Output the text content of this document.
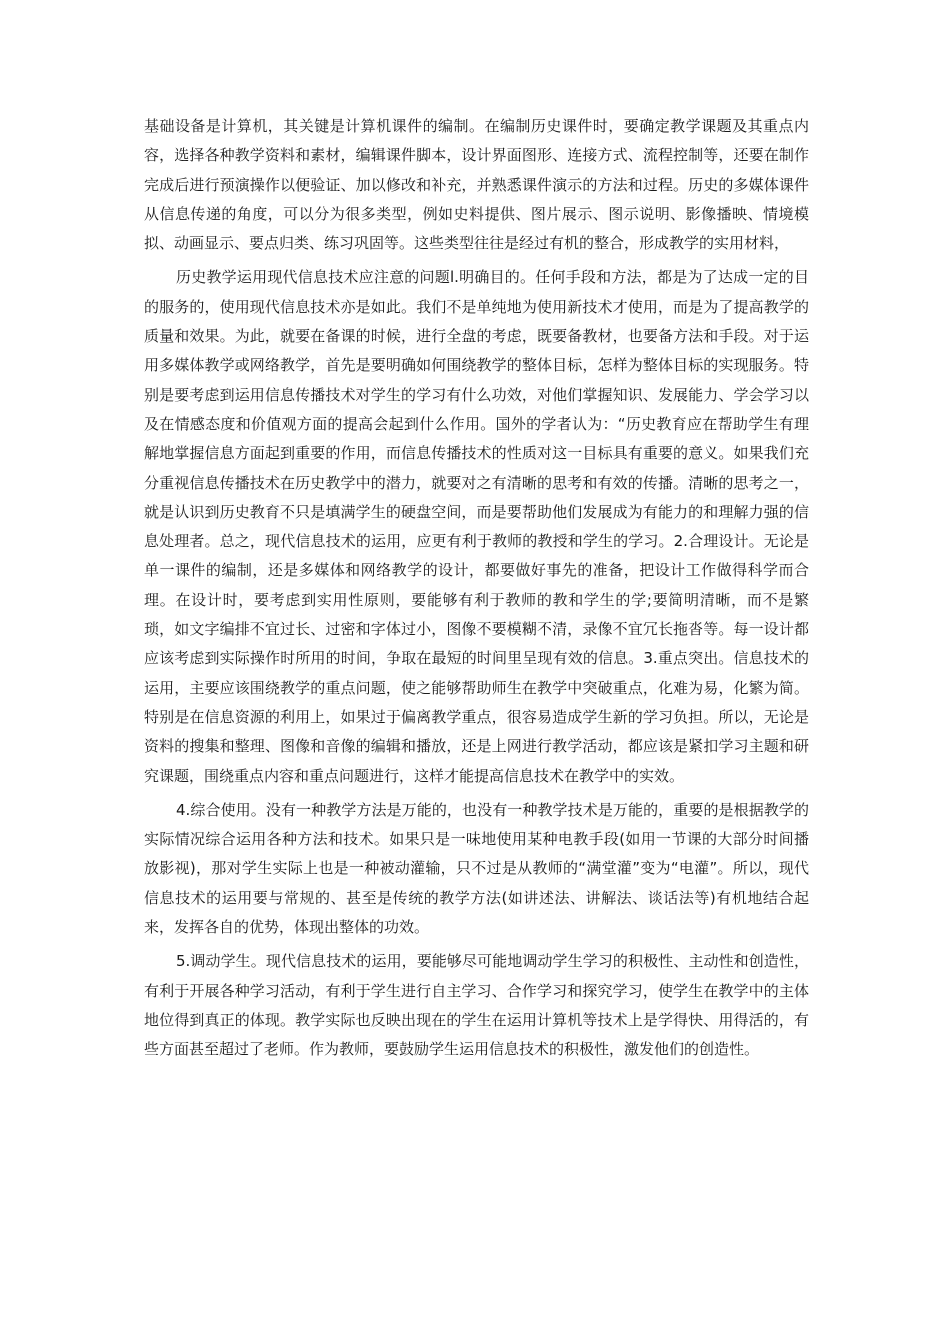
基础设备是计算机，其关键是计算机课件的编制。在编制历史课件时，要确定教学课题及其重点内容，选择各种教学资料和素材，编辑课件脚本，设计界面图形、连接方式、流程控制等，还要在制作完成后进行预演操作以便验证、加以修改和补充，并熟悉课件演示的方法和过程。历史的多媒体课件从信息传递的角度，可以分为很多类型，例如史料提供、图片展示、图示说明、影像播映、情境模拟、动画显示、要点归类、练习巩固等。这些类型往往是经过有机的整合，形成教学的实用材料，

历史教学运用现代信息技术应注意的问题l.明确目的。任何手段和方法，都是为了达成一定的目的服务的，使用现代信息技术亦是如此。我们不是单纯地为使用新技术才使用，而是为了提高教学的质量和效果。为此，就要在备课的时候，进行全盘的考虑，既要备教材，也要备方法和手段。对于运用多媒体教学或网络教学，首先是要明确如何围绕教学的整体目标，怎样为整体目标的实现服务。特别是要考虑到运用信息传播技术对学生的学习有什么功效，对他们掌握知识、发展能力、学会学习以及在情感态度和价值观方面的提高会起到什么作用。国外的学者认为：“历史教育应在帮助学生有理解地掌握信息方面起到重要的作用，而信息传播技术的性质对这一目标具有重要的意义。如果我们充分重视信息传播技术在历史教学中的潜力，就要对之有清晰的思考和有效的传播。清晰的思考之一，就是认识到历史教育不只是填满学生的硬盘空间，而是要帮助他们发展成为有能力的和理解力强的信息处理者。总之，现代信息技术的运用，应更有利于教师的教授和学生的学习。2.合理设计。无论是单一课件的编制，还是多媒体和网络教学的设计，都要做好事先的准备，把设计工作做得科学而合理。在设计时，要考虑到实用性原则，要能够有利于教师的教和学生的学;要简明清晰，而不是繁琐，如文字编排不宜过长、过密和字体过小，图像不要模糊不清，录像不宜冗长拖沓等。每一设计都应该考虑到实际操作时所用的时间，争取在最短的时间里呈现有效的信息。3.重点突出。信息技术的运用，主要应该围绕教学的重点问题，使之能够帮助师生在教学中突破重点，化难为易，化繁为简。特别是在信息资源的利用上，如果过于偏离教学重点，很容易造成学生新的学习负担。所以，无论是资料的搜集和整理、图像和音像的编辑和播放，还是上网进行教学活动，都应该是紧扣学习主题和研究课题，围绕重点内容和重点问题进行，这样才能提高信息技术在教学中的实效。

4.综合使用。没有一种教学方法是万能的，也没有一种教学技术是万能的，重要的是根据教学的实际情况综合运用各种方法和技术。如果只是一味地使用某种电教手段(如用一节课的大部分时间播放影视)，那对学生实际上也是一种被动灌输，只不过是从教师的“满堂灌”变为“电灌”。所以，现代信息技术的运用要与常规的、甚至是传统的教学方法(如讲述法、讲解法、谈话法等)有机地结合起来，发挥各自的优势，体现出整体的功效。

5.调动学生。现代信息技术的运用，要能够尽可能地调动学生学习的积极性、主动性和创造性，有利于开展各种学习活动，有利于学生进行自主学习、合作学习和探究学习，使学生在教学中的主体地位得到真正的体现。教学实际也反映出现在的学生在运用计算机等技术上是学得快、用得活的，有些方面甚至超过了老师。作为教师，要鼓励学生运用信息技术的积极性，激发他们的创造性。
